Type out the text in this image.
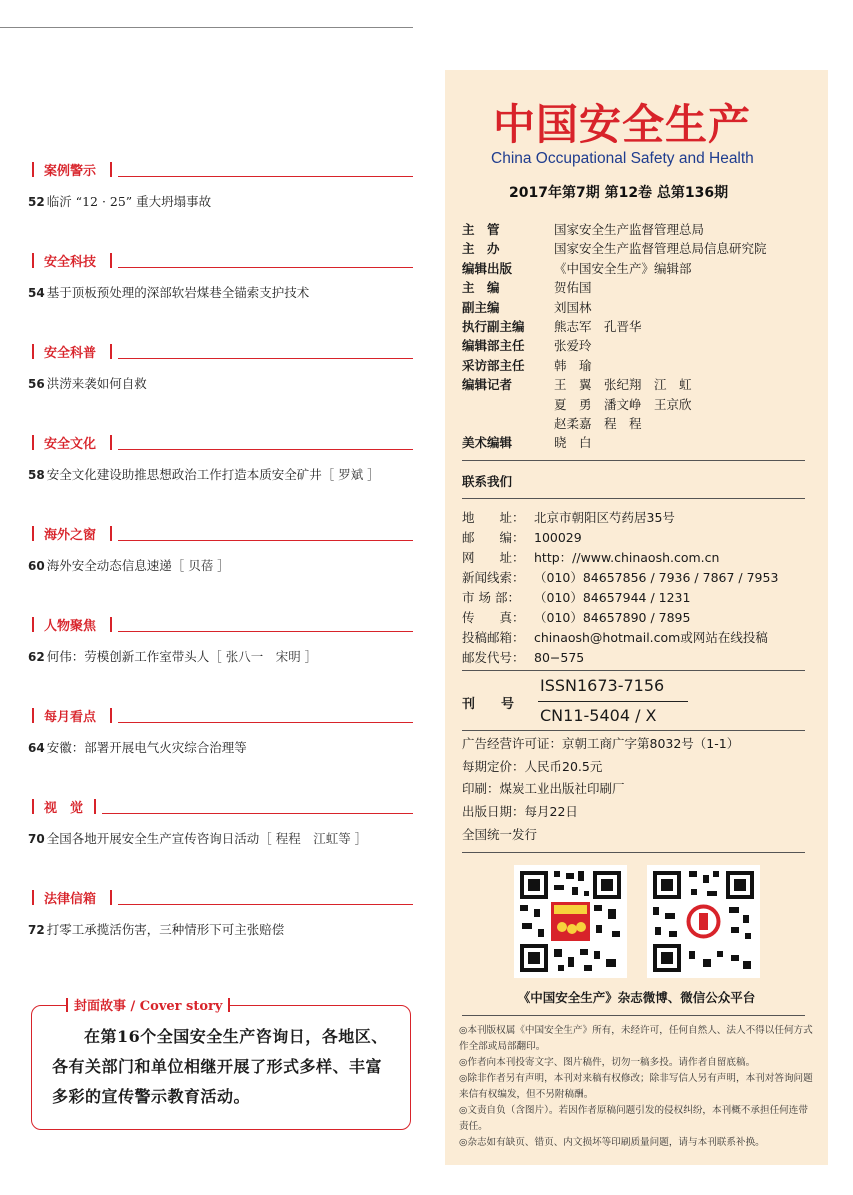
案例警示
52 临沂 “12 · 25” 重大坍塌事故
安全科技
54 基于顶板预处理的深部软岩煤巷全锚索支护技术
安全科普
56 洪涝来袭如何自救
安全文化
58 安全文化建设助推思想政治工作打造本质安全矿井［ 罗斌 ］
海外之窗
60 海外安全动态信息速递［ 贝蓓 ］
人物聚焦
62 何伟：劳模创新工作室带头人［ 张八一　宋明 ］
每月看点
64 安徽：部署开展电气火灾综合治理等
视　觉
70 全国各地开展安全生产宣传咨询日活动［ 程程　江虹等 ］
法律信箱
72 打零工承揽活伤害，三种情形下可主张赔偿
封面故事 / Cover story
在第16个全国安全生产咨询日，各地区、各有关部门和单位相继开展了形式多样、丰富多彩的宣传警示教育活动。
中国安全生产
China Occupational Safety and Health
2017年第7期 第12卷 总第136期
主　管	国家安全生产监督管理总局
主　办	国家安全生产监督管理总局信息研究院
编辑出版	《中国安全生产》编辑部
主　编	贺佑国
副主编	刘国林
执行副主编 熊志军　孔晋华
编辑部主任 张爱玲
采访部主任 韩　瑜
编辑记者	王　翼　张纪翔　江　虹
夏　勇　潘文峥　王京欣
赵柔嘉　程　程
美术编辑	晓　白
联系我们
地　　址： 北京市朝阳区芍药居35号
邮　　编： 100029
网　　址： http：//www.chinaosh.com.cn
新闻线索： （010）84657856 / 7936 / 7867 / 7953
市 场 部： （010）84657944 / 1231
传　　真： （010）84657890 / 7895
投稿邮箱： chinaosh@hotmail.com或网站在线投稿
邮发代号： 80−575
刊　　号
ISSN1673-7156
CN11-5404 / X
广告经营许可证：京朝工商广字第8032号（1-1）
每期定价：人民币20.5元
印刷：煤炭工业出版社印刷厂
出版日期：每月22日
全国统一发行
《中国安全生产》杂志微博、微信公众平台

◎本刊版权属《中国安全生产》所有，未经许可，任何自然人、法人不得以任何方式作全部或局部翻印。

◎作者向本刊投寄文字、图片稿件，切勿一稿多投。请作者自留底稿。

◎除非作者另有声明，本刊对来稿有权修改；除非写信人另有声明，本刊对答询问题来信有权编发，但不另附稿酬。

◎文责自负（含图片）。若因作者原稿问题引发的侵权纠纷，本刊概不承担任何连带责任。

◎杂志如有缺页、错页、内文损坏等印刷质量问题，请与本刊联系补换。
